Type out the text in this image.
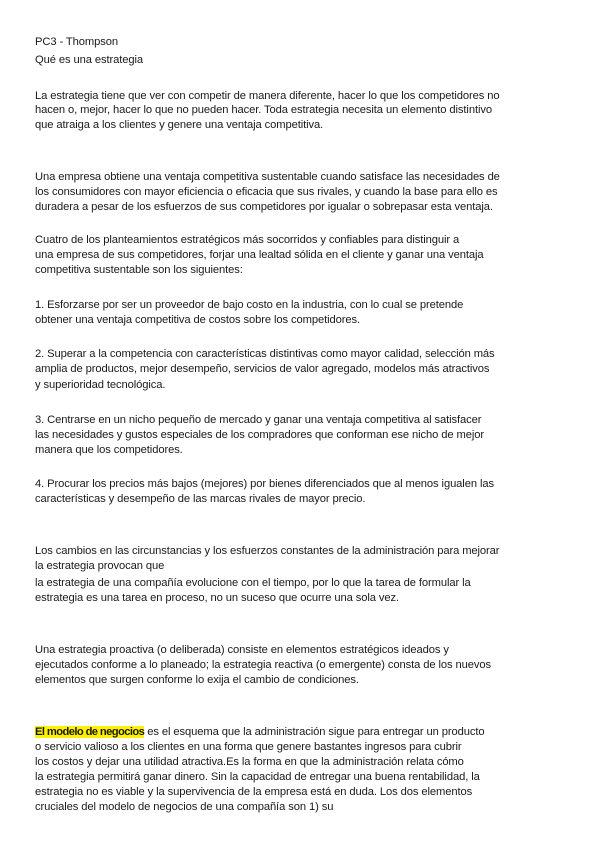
PC3 - Thompson

Qué es una estrategia

La estrategia tiene que ver con competir de manera diferente, hacer lo que los competidores no

hacen o, mejor, hacer lo que no pueden hacer. Toda estrategia necesita un elemento distintivo

que atraiga a los clientes y genere una ventaja competitiva.

Una empresa obtiene una ventaja competitiva sustentable cuando satisface las necesidades de

los consumidores con mayor eficiencia o eficacia que sus rivales, y cuando la base para ello es

duradera a pesar de los esfuerzos de sus competidores por igualar o sobrepasar esta ventaja.

Cuatro de los planteamientos estratégicos más socorridos y confiables para distinguir a

una empresa de sus competidores, forjar una lealtad sólida en el cliente y ganar una ventaja

competitiva sustentable son los siguientes:

1. Esforzarse por ser un proveedor de bajo costo en la industria, con lo cual se pretende

obtener una ventaja competitiva de costos sobre los competidores.

2. Superar a la competencia con características distintivas como mayor calidad, selección más

amplia de productos, mejor desempeño, servicios de valor agregado, modelos más atractivos

y superioridad tecnológica.

3. Centrarse en un nicho pequeño de mercado y ganar una ventaja competitiva al satisfacer

las necesidades y gustos especiales de los compradores que conforman ese nicho de mejor

manera que los competidores.

4. Procurar los precios más bajos (mejores) por bienes diferenciados que al menos igualen las

características y desempeño de las marcas rivales de mayor precio.

Los cambios en las circunstancias y los esfuerzos constantes de la administración para mejorar

la estrategia provocan que

la estrategia de una compañía evolucione con el tiempo, por lo que la tarea de formular la

estrategia es una tarea en proceso, no un suceso que ocurre una sola vez.

Una estrategia proactiva (o deliberada) consiste en elementos estratégicos ideados y

ejecutados conforme a lo planeado; la estrategia reactiva (o emergente) consta de los nuevos

elementos que surgen conforme lo exija el cambio de condiciones.

El modelo de negocios es el esquema que la administración sigue para entregar un producto

o servicio valioso a los clientes en una forma que genere bastantes ingresos para cubrir

los costos y dejar una utilidad atractiva.Es la forma en que la administración relata cómo

la estrategia permitirá ganar dinero. Sin la capacidad de entregar una buena rentabilidad, la

estrategia no es viable y la supervivencia de la empresa está en duda. Los dos elementos

cruciales del modelo de negocios de una compañía son 1) su
